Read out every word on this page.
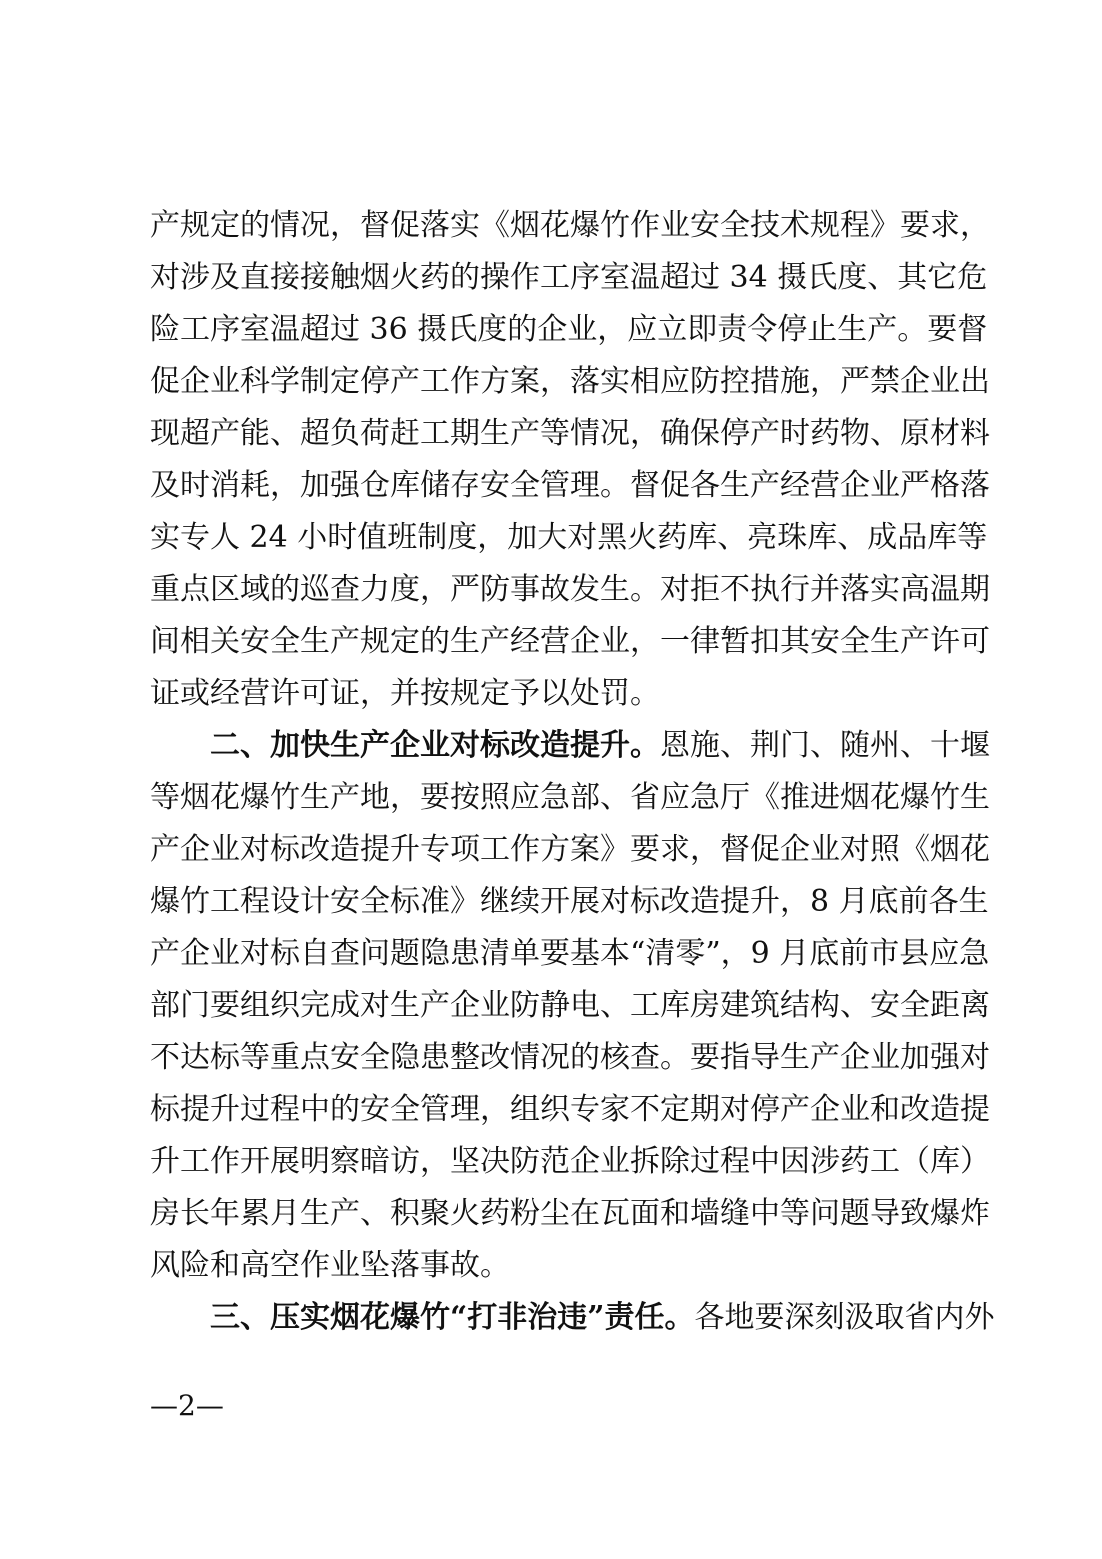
产规定的情况，督促落实《烟花爆竹作业安全技术规程》要求，
对涉及直接接触烟火药的操作工序室温超过 34 摄氏度、其它危
险工序室温超过 36 摄氏度的企业，应立即责令停止生产。要督
促企业科学制定停产工作方案，落实相应防控措施，严禁企业出
现超产能、超负荷赶工期生产等情况，确保停产时药物、原材料
及时消耗，加强仓库储存安全管理。督促各生产经营企业严格落
实专人 24 小时值班制度，加大对黑火药库、亮珠库、成品库等
重点区域的巡查力度，严防事故发生。对拒不执行并落实高温期
间相关安全生产规定的生产经营企业，一律暂扣其安全生产许可
证或经营许可证，并按规定予以处罚。
二、加快生产企业对标改造提升。恩施、荆门、随州、十堰
等烟花爆竹生产地，要按照应急部、省应急厅《推进烟花爆竹生
产企业对标改造提升专项工作方案》要求，督促企业对照《烟花
爆竹工程设计安全标准》继续开展对标改造提升，8 月底前各生
产企业对标自查问题隐患清单要基本“清零”，9 月底前市县应急
部门要组织完成对生产企业防静电、工库房建筑结构、安全距离
不达标等重点安全隐患整改情况的核查。要指导生产企业加强对
标提升过程中的安全管理，组织专家不定期对停产企业和改造提
升工作开展明察暗访，坚决防范企业拆除过程中因涉药工（库）
房长年累月生产、积聚火药粉尘在瓦面和墙缝中等问题导致爆炸
风险和高空作业坠落事故。
三、压实烟花爆竹“打非治违”责任。各地要深刻汲取省内外
—2—
